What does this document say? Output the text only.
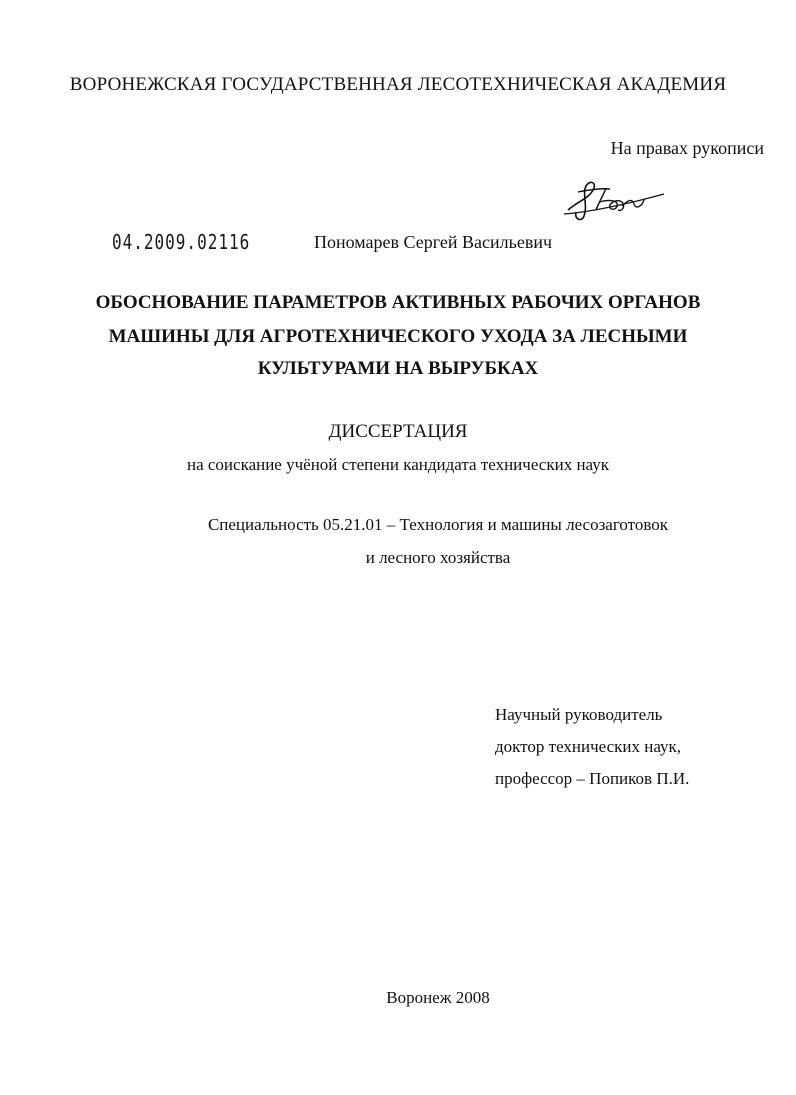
ВОРОНЕЖСКАЯ ГОСУДАРСТВЕННАЯ ЛЕСОТЕХНИЧЕСКАЯ АКАДЕМИЯ
На правах рукописи
04.2009.02116	Пономарев Сергей Васильевич
ОБОСНОВАНИЕ ПАРАМЕТРОВ АКТИВНЫХ РАБОЧИХ ОРГАНОВ
МАШИНЫ ДЛЯ АГРОТЕХНИЧЕСКОГО УХОДА ЗА ЛЕСНЫМИ
КУЛЬТУРАМИ НА ВЫРУБКАХ
ДИССЕРТАЦИЯ
на соискание учёной степени кандидата технических наук
Специальность 05.21.01 – Технология и машины лесозаготовок
и лесного хозяйства
Научный руководитель
доктор технических наук,
профессор – Попиков П.И.
Воронеж 2008
